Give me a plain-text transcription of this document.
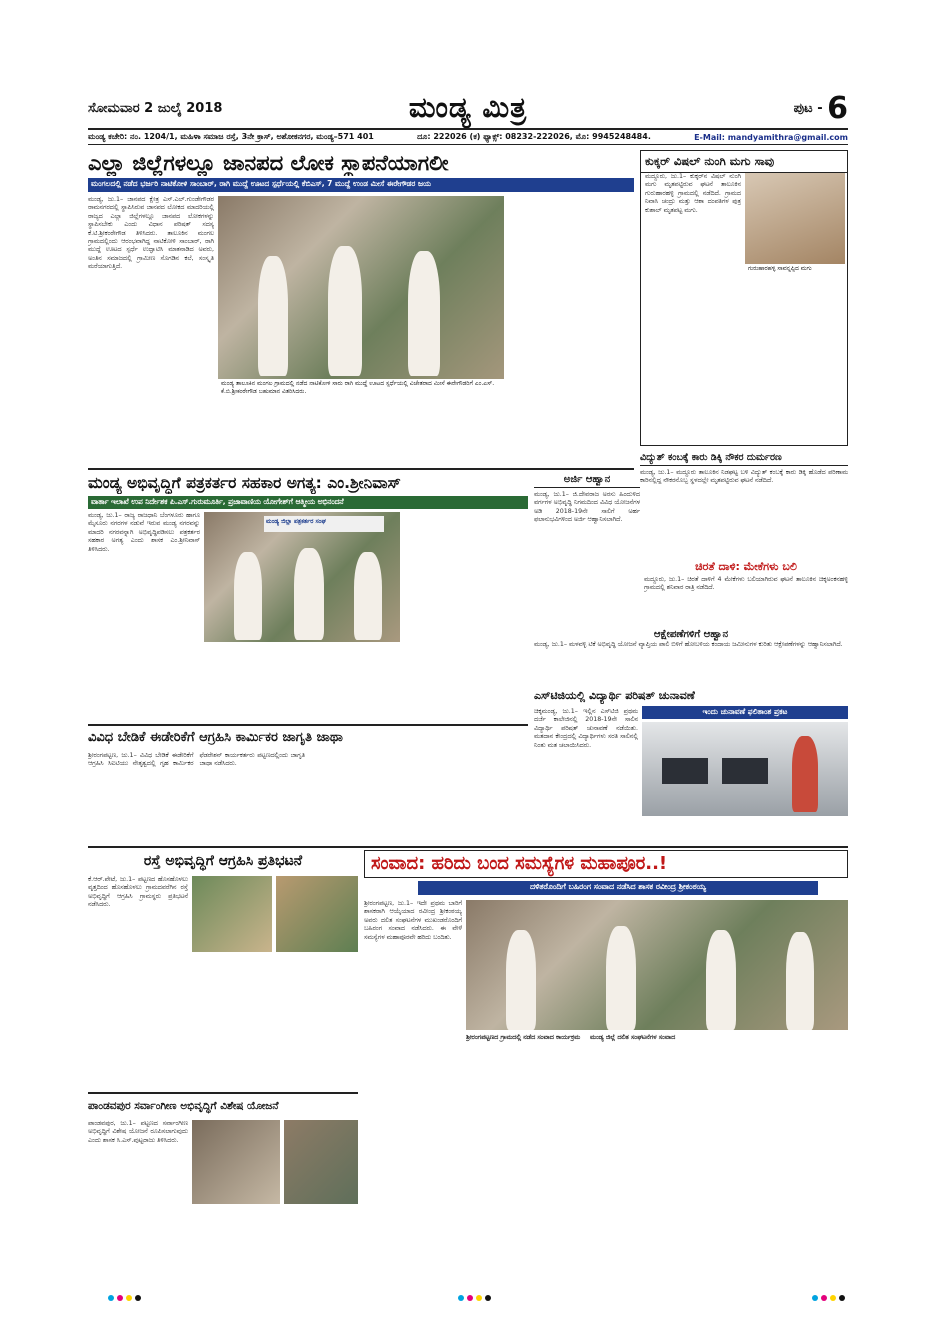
ಸೋಮವಾರ 2 ಜುಲೈ 2018	ಮಂಡ್ಯ ಮಿತ್ರ	ಪುಟ - 6
ಮಂಡ್ಯ ಕಚೇರಿ: ನಂ. 1204/1, ಮಹಿಳಾ ಸಮಾಜ ರಸ್ತೆ, 3ನೇ ಕ್ರಾಸ್, ಅಶೋಕನಗರ, ಮಂಡ್ಯ–571 401	ದೂ: 222026 (ಕ) ಫ್ಯಾಕ್ಸ್: 08232-222026, ಮೊ: 9945248484.	E-Mail: mandyamithra@gmail.com
ಎಲ್ಲಾ ಜಿಲ್ಲೆಗಳಲ್ಲೂ ಜಾನಪದ ಲೋಕ ಸ್ಥಾಪನೆಯಾಗಲೀ
ಮಂಗಲದಲ್ಲಿ ನಡೆದ ಭರ್ಜರಿ ನಾಟಿಕೋಳಿ ಸಾಂಬಾರ್, ರಾಗಿ ಮುದ್ದೆ ಊಟದ ಸ್ಪರ್ಧೆಯಲ್ಲಿ ಕೆಬಿಎಸ್, 7 ಮುದ್ದೆ ಉಂಡ ಮೀಸೆ ಈರೇಗೌಡರ ಜಯ
ಮಂಡ್ಯ, ಜು.1– ಜಾನಪದ ಕ್ಷೇತ್ರ ಎಸ್.ಎಲ್.ಗುಂಡೇಗೌಡರ ರಾಮನಗರದಲ್ಲಿ ಸ್ಥಾಪಿಸಿರುವ ಜಾನಪದ ಲೋಕದ ಮಾದರಿಯಲ್ಲಿ ರಾಜ್ಯದ ಎಲ್ಲಾ ಜಿಲ್ಲೆಗಳಲ್ಲೂ ಜಾನಪದ ಲೋಕಗಳನ್ನು ಸ್ಥಾಪಿಸಬೇಕು ಎಂದು ವಿಧಾನ ಪರಿಷತ್ ಸದಸ್ಯ ಕೆ.ಟಿ.ಶ್ರೀಕಂಠೇಗೌಡ ತಿಳಿಸಿದರು. ತಾಲೂಕಿನ ಮಂಗಲ ಗ್ರಾಮದಲ್ಲಿಂದು ಆರಂಭವಾಗಿದ್ದ ನಾಟಿಕೋಳಿ ಸಾಂಬಾರ್, ರಾಗಿ ಮುದ್ದೆ ಊಟದ ಸ್ಪರ್ಧೆ ಉದ್ಘಾಟಿಸಿ ಮಾತನಾಡಿದ ಅವರು, ಅಂತಿನ ಸಮಾಜದಲ್ಲಿ ಗ್ರಾಮೀಣ ಸೊಗಡಿನ ಕಲೆ, ಸಂಸ್ಕೃತಿ ಮರೆಯಾಗುತ್ತಿದೆ.
ಮಂಡ್ಯ ತಾಲೂಕಿನ ಮಂಗಲ ಗ್ರಾಮದಲ್ಲಿ ನಡೆದ ನಾಟಿಕೋಳಿ ಸಾರು ರಾಗಿ ಮುದ್ದೆ ಊಟದ ಸ್ಪರ್ಧೆಯಲ್ಲಿ ವಿಜೇತರಾದ ಮೀಸೆ ಈರೇಗೌಡರಿಗೆ ಎಂ.ಎಸ್. ಕೆ.ಬಿ.ಶ್ರೀಕಂಠೇಗೌಡ ಬಹುಮಾನ ವಿತರಿಸಿದರು.
ಕುಕ್ಕರ್ ವಿಷಲ್ ನುಂಗಿ ಮಗು ಸಾವು
ಮದ್ದೂರು, ಜು.1– ಕುಕ್ಕರ್‌ನ ವಿಷಲ್ ನುಂಗಿ ಮಗು ಮೃತಪಟ್ಟಿರುವ ಘಟನೆ ತಾಲೂಕಿನ ಗುರುಹಾರಹಳ್ಳಿ ಗ್ರಾಮದಲ್ಲಿ ನಡೆದಿದೆ. ಗ್ರಾಮದ ನಿವಾಸಿ ಚಂದ್ರು ಮತ್ತು ಆಶಾ ದಂಪತಿಗಳ ಪುತ್ರ ಕುಶಾಲ್ ಮೃತಪಟ್ಟ ಮಗು.
ಗುರುಹಾರಹಳ್ಳಿ ಸಾವನ್ನಪ್ಪಿದ ಮಗು
ವಿದ್ಯುತ್ ಕಂಬಕ್ಕೆ ಕಾರು ಡಿಕ್ಕಿ ನೌಕರ ದುರ್ಮರಣ
ಮಂಡ್ಯ, ಜು.1– ಮದ್ದೂರು ತಾಲೂಕಿನ ನಿಡಘಟ್ಟ ಬಳಿ ವಿದ್ಯುತ್ ಕಂಬಕ್ಕೆ ಕಾರು ಡಿಕ್ಕಿ ಹೊಡೆದ ಪರಿಣಾಮ ಕಾರಿನಲ್ಲಿದ್ದ ನೌಕರನೊಬ್ಬ ಸ್ಥಳದಲ್ಲೇ ಮೃತಪಟ್ಟಿರುವ ಘಟನೆ ನಡೆದಿದೆ.
ಮಂಡ್ಯ ಅಭಿವೃದ್ಧಿಗೆ ಪತ್ರಕರ್ತರ ಸಹಕಾರ ಅಗತ್ಯ: ಎಂ.ಶ್ರೀನಿವಾಸ್
ವಾರ್ತಾ ಇಲಾಖೆ ಉಪ ನಿರ್ದೇಶಕ ಪಿ.ಎಸ್.ಗುರುಮೂರ್ತಿ, ಪ್ರಜಾವಾಣಿಯ ಯೋಗೇಶ್‌ಗೆ ಆತ್ಮೀಯ ಅಭಿನಂದನೆ
ಮಂಡ್ಯ, ಜು.1– ರಾಜ್ಯ ರಾಜಧಾನಿ ಬೆಂಗಳೂರು ಹಾಗೂ ಮೈಸೂರು ನಗರಗಳ ನಡುವೆ ಇರುವ ಮಂಡ್ಯ ನಗರವನ್ನು ಮಾದರಿ ನಗರವನ್ನಾಗಿ ಅಭಿವೃದ್ಧಿಪಡಿಸಲು ಪತ್ರಕರ್ತರ ಸಹಕಾರ ಅಗತ್ಯ ಎಂದು ಶಾಸಕ ಎಂ.ಶ್ರೀನಿವಾಸ್ ತಿಳಿಸಿದರು.
ಮಂಡ್ಯ ಜಿಲ್ಲಾ ಪತ್ರಕರ್ತರ ಸಂಘ
ಅರ್ಜಿ ಆಹ್ವಾನ
ಮಂಡ್ಯ, ಜು.1– ಜಿ.ದೇವರಾಜ ಅರಸು ಹಿಂದುಳಿದ ವರ್ಗಗಳ ಅಭಿವೃದ್ಧಿ ನಿಗಮದಿಂದ ವಿವಿಧ ಯೋಜನೆಗಳ ಅಡಿ 2018-19ನೇ ಸಾಲಿಗೆ ಅರ್ಹ ಫಲಾನುಭವಿಗಳಿಂದ ಅರ್ಜಿ ಆಹ್ವಾನಿಸಲಾಗಿದೆ.
ಚಿರತೆ ದಾಳಿ: ಮೇಕೆಗಳು ಬಲಿ
ಮದ್ದೂರು, ಜು.1– ಚಿರತೆ ದಾಳಿಗೆ 4 ಮೇಕೆಗಳು ಬಲಿಯಾಗಿರುವ ಘಟನೆ ತಾಲೂಕಿನ ಚಿಕ್ಕಅಂಕನಹಳ್ಳಿ ಗ್ರಾಮದಲ್ಲಿ ಶನಿವಾರ ರಾತ್ರಿ ನಡೆದಿದೆ.
ಆಕ್ಷೇಪಣೆಗಳಿಗೆ ಆಹ್ವಾನ
ಮಂಡ್ಯ, ಜು.1– ಮಳವಳ್ಳಿ ಟಿಕೆ ಅಭಿವೃದ್ಧಿ ಯೋಜನೆ ವ್ಯಾಪ್ತಿಯ ಪಾಲಿ ಬಿಳಿಗೆ ಹೋಬಳಿಯ ಕಂದಾಯ ಜಮೀನುಗಳ ಕುರಿತು ಆಕ್ಷೇಪಣೆಗಳನ್ನು ಆಹ್ವಾನಿಸಲಾಗಿದೆ.
ವಿವಿಧ ಬೇಡಿಕೆ ಈಡೇರಿಕೆಗೆ ಆಗ್ರಹಿಸಿ ಕಾರ್ಮಿಕರ ಜಾಗೃತಿ ಜಾಥಾ
ಶ್ರೀರಂಗಪಟ್ಟಣ, ಜು.1– ವಿವಿಧ ಬೇಡಿಕೆ ಈಡೇರಿಕೆಗೆ ಆಗ್ರಹಿಸಿ ಸಿಐಟಿಯು ನೇತೃತ್ವದಲ್ಲಿ ಗೃಹ ಕಾರ್ಮಿಕರ ಫೆಡರೇಶನ್ ಕಾರ್ಯಕರ್ತರು ಪಟ್ಟಣದಲ್ಲಿಂದು ಜಾಗೃತಿ ಜಾಥಾ ನಡೆಸಿದರು.
ಎಸ್‌ಟಿಜಿಯಲ್ಲಿ ವಿದ್ಯಾರ್ಥಿ ಪರಿಷತ್ ಚುನಾವಣೆ
ಇಂದು ಚುನಾವಣೆ ಫಲಿತಾಂಶ ಪ್ರಕಟ
ಚಿಕ್ಕಮಂಡ್ಯ, ಜು.1– ಇಲ್ಲಿನ ಎಸ್‌ಟಿಜಿ ಪ್ರಥಮ ದರ್ಜೆ ಕಾಲೇಜಿನಲ್ಲಿ 2018-19ನೇ ಸಾಲಿನ ವಿದ್ಯಾರ್ಥಿ ಪರಿಷತ್ ಚುನಾವಣೆ ನಡೆಯಿತು. ಮತದಾನ ಕೇಂದ್ರದಲ್ಲಿ ವಿದ್ಯಾರ್ಥಿಗಳು ಸರತಿ ಸಾಲಿನಲ್ಲಿ ನಿಂತು ಮತ ಚಲಾಯಿಸಿದರು.
ರಸ್ತೆ ಅಭಿವೃದ್ಧಿಗೆ ಆಗ್ರಹಿಸಿ ಪ್ರತಿಭಟನೆ
ಕೆ.ಆರ್.ಪೇಟೆ, ಜು.1– ಪಟ್ಟಣದ ಹೊಸಹೊಳಲು ವೃತ್ತದಿಂದ ಹೊಸಹೊಳಲು ಗ್ರಾಮದವರೆಗಿನ ರಸ್ತೆ ಅಭಿವೃದ್ಧಿಗೆ ಆಗ್ರಹಿಸಿ ಗ್ರಾಮಸ್ಥರು ಪ್ರತಿಭಟನೆ ನಡೆಸಿದರು.
ಸಂವಾದ: ಹರಿದು ಬಂದ ಸಮಸ್ಯೆಗಳ ಮಹಾಪೂರ..!
ದಳಿತರೊಂದಿಗೆ ಬಹಿರಂಗ ಸಂವಾದ ನಡೆಸಿದ ಶಾಸಕ ರವೀಂದ್ರ ಶ್ರೀಕಂಠಯ್ಯ
ಶ್ರೀರಂಗಪಟ್ಟಣ, ಜು.1– ಇದೇ ಪ್ರಥಮ ಬಾರಿಗೆ ಶಾಸಕರಾಗಿ ಆಯ್ಕೆಯಾದ ರವೀಂದ್ರ ಶ್ರೀಕಂಠಯ್ಯ ಅವರು ದಲಿತ ಸಂಘಟನೆಗಳ ಮುಖಂಡರೊಂದಿಗೆ ಬಹಿರಂಗ ಸಂವಾದ ನಡೆಸಿದರು. ಈ ವೇಳೆ ಸಮಸ್ಯೆಗಳ ಮಹಾಪೂರವೇ ಹರಿದು ಬಂದಿತು.
ಶ್ರೀರಂಗಪಟ್ಟಣದ ಗ್ರಾಮದಲ್ಲಿ ನಡೆದ ಸಂವಾದ ಕಾರ್ಯಕ್ರಮ	ಮಂಡ್ಯ ಜಿಲ್ಲೆ ದಲಿತ ಸಂಘಟನೆಗಳ ಸಂವಾದ
ಪಾಂಡವಪುರ ಸರ್ವಾಂಗೀಣ ಅಭಿವೃದ್ಧಿಗೆ ವಿಶೇಷ ಯೋಜನೆ
ಪಾಂಡವಪುರ, ಜು.1– ಪಟ್ಟಣದ ಸರ್ವಾಂಗೀಣ ಅಭಿವೃದ್ಧಿಗೆ ವಿಶೇಷ ಯೋಜನೆ ರೂಪಿಸಲಾಗುವುದು ಎಂದು ಶಾಸಕ ಸಿ.ಎಸ್.ಪುಟ್ಟರಾಜು ತಿಳಿಸಿದರು.
